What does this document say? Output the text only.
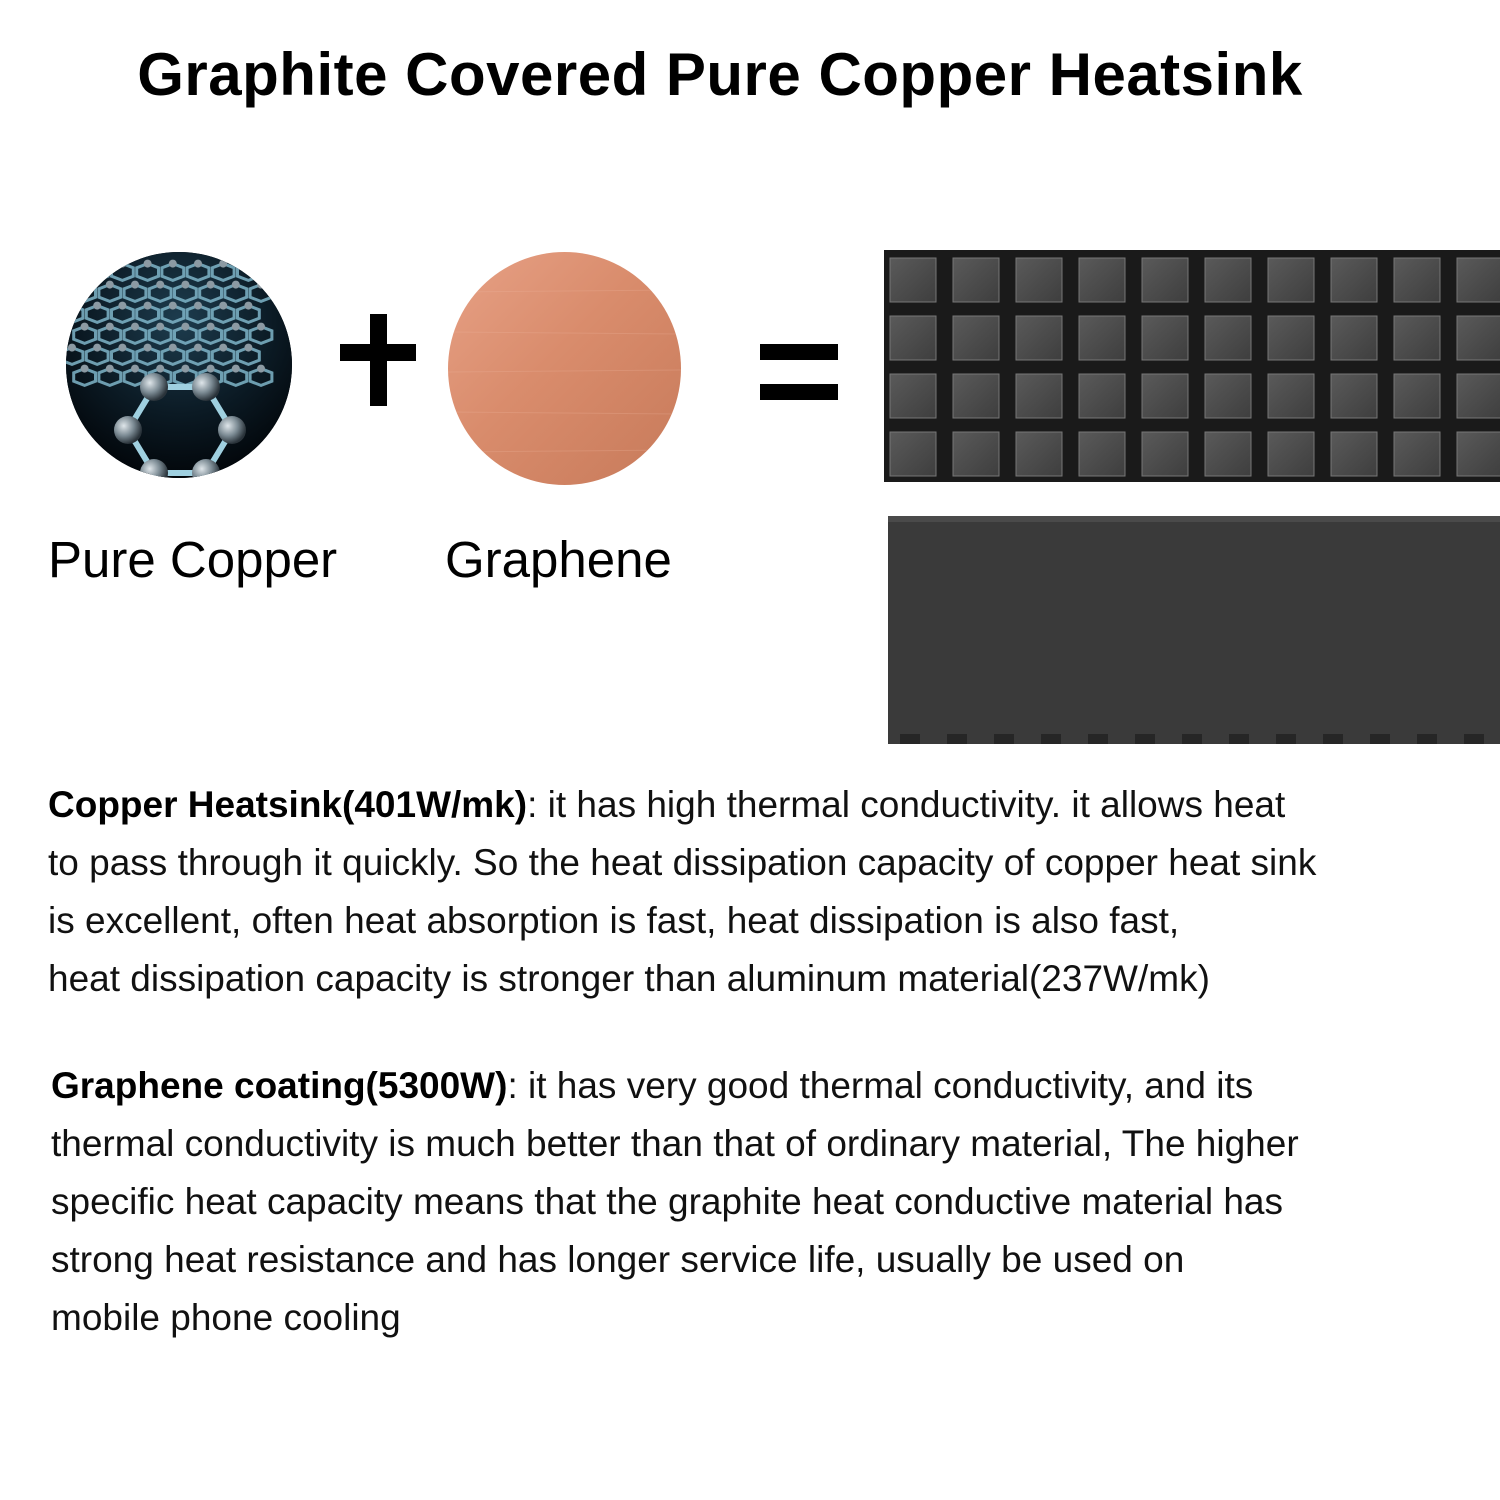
Graphite Covered Pure Copper Heatsink
Pure Copper Graphene
Copper Heatsink(401W/mk): it has high thermal conductivity. it allows heat
to pass through it quickly. So the heat dissipation capacity of copper heat sink
is excellent, often heat absorption is fast, heat dissipation is also fast,
heat dissipation capacity is stronger than aluminum material(237W/mk)
Graphene coating(5300W): it has very good thermal conductivity, and its
thermal conductivity is much better than that of ordinary material, The higher
specific heat capacity means that the graphite heat conductive material has
strong heat resistance and has longer service life, usually be used on
mobile phone cooling
